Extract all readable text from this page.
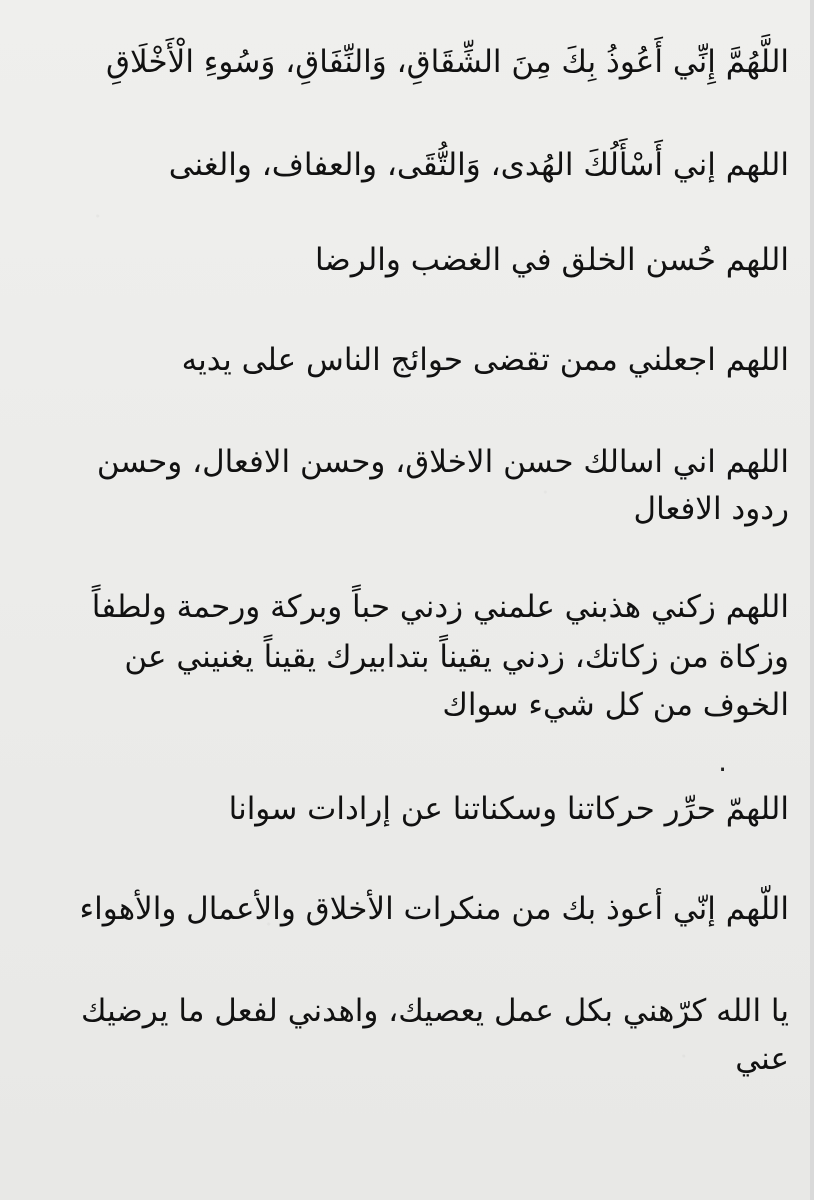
اللَّهُمَّ إِنِّي أَعُوذُ بِكَ مِنَ الشِّقَاقِ، وَالنِّفَاقِ، وَسُوءِ الْأَخْلَاقِ
اللهم إني أَسْأَلُكَ الهُدى، وَالتُّقَى، والعفاف، والغنى
اللهم حُسن الخلق في الغضب والرضا
اللهم اجعلني ممن تقضى حوائج الناس على يديه
اللهم اني اسالك حسن الاخلاق، وحسن الافعال، وحسن
ردود الافعال
اللهم زكني هذبني علمني زدني حباً وبركة ورحمة ولطفاً
وزكاة من زكاتك، زدني يقيناً بتدابيرك يقيناً يغنيني عن
الخوف من كل شيء سواك
.
اللهمّ حرِّر حركاتنا وسكناتنا عن إرادات سوانا
اللّهم إنّي أعوذ بك من منكرات الأخلاق والأعمال والأهواء
يا الله كرّهني بكل عمل يعصيك، واهدني لفعل ما يرضيك
عني
